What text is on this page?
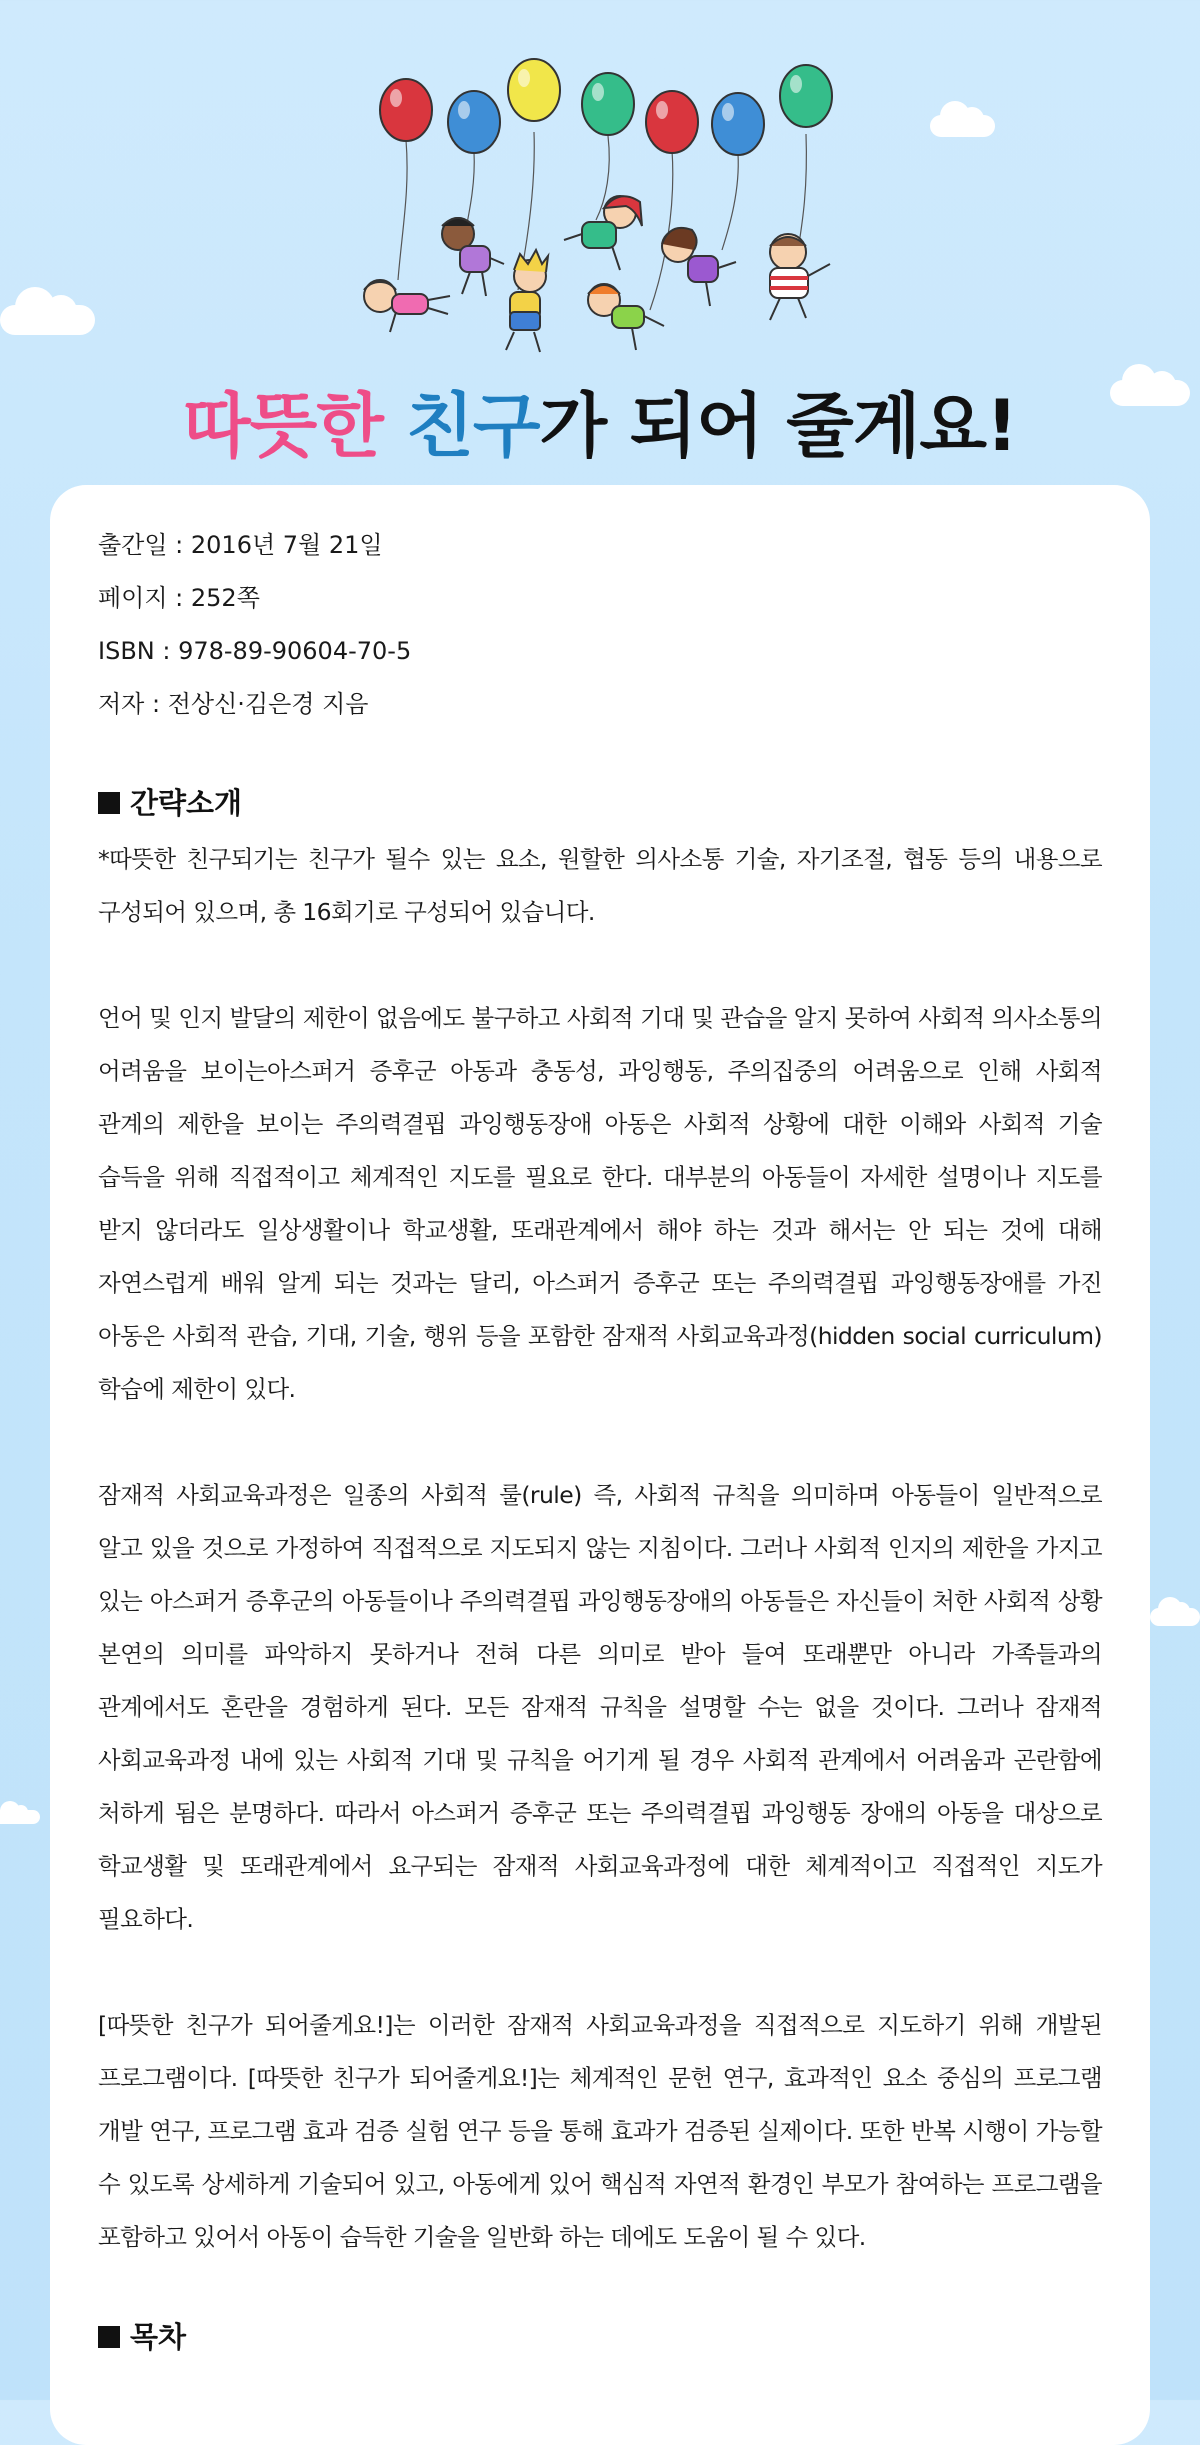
따뜻한 친구가 되어 줄게요!

출간일 : 2016년 7월 21일

페이지 : 252쪽

ISBN : 978-89-90604-70-5

저자 : 전상신·김은경 지음

간략소개

*따뜻한 친구되기는 친구가 될수 있는 요소, 원할한 의사소통 기술, 자기조절, 협동 등의 내용으로 구성되어 있으며, 총 16회기로 구성되어 있습니다.

언어 및 인지 발달의 제한이 없음에도 불구하고 사회적 기대 및 관습을 알지 못하여 사회적 의사소통의 어려움을 보이는아스퍼거 증후군 아동과 충동성, 과잉행동, 주의집중의 어려움으로 인해 사회적 관계의 제한을 보이는 주의력결핍 과잉행동장애 아동은 사회적 상황에 대한 이해와 사회적 기술 습득을 위해 직접적이고 체계적인 지도를 필요로 한다. 대부분의 아동들이 자세한 설명이나 지도를 받지 않더라도 일상생활이나 학교생활, 또래관계에서 해야 하는 것과 해서는 안 되는 것에 대해 자연스럽게 배워 알게 되는 것과는 달리, 아스퍼거 증후군 또는 주의력결핍 과잉행동장애를 가진 아동은 사회적 관습, 기대, 기술, 행위 등을 포함한 잠재적 사회교육과정(hidden social curriculum) 학습에 제한이 있다.

잠재적 사회교육과정은 일종의 사회적 룰(rule) 즉, 사회적 규칙을 의미하며 아동들이 일반적으로 알고 있을 것으로 가정하여 직접적으로 지도되지 않는 지침이다. 그러나 사회적 인지의 제한을 가지고 있는 아스퍼거 증후군의 아동들이나 주의력결핍 과잉행동장애의 아동들은 자신들이 처한 사회적 상황 본연의 의미를 파악하지 못하거나 전혀 다른 의미로 받아 들여 또래뿐만 아니라 가족들과의 관계에서도 혼란을 경험하게 된다. 모든 잠재적 규칙을 설명할 수는 없을 것이다. 그러나 잠재적 사회교육과정 내에 있는 사회적 기대 및 규칙을 어기게 될 경우 사회적 관계에서 어려움과 곤란함에 처하게 됨은 분명하다. 따라서 아스퍼거 증후군 또는 주의력결핍 과잉행동 장애의 아동을 대상으로 학교생활 및 또래관계에서 요구되는 잠재적 사회교육과정에 대한 체계적이고 직접적인 지도가 필요하다.

[따뜻한 친구가 되어줄게요!]는 이러한 잠재적 사회교육과정을 직접적으로 지도하기 위해 개발된 프로그램이다. [따뜻한 친구가 되어줄게요!]는 체계적인 문헌 연구, 효과적인 요소 중심의 프로그램 개발 연구, 프로그램 효과 검증 실험 연구 등을 통해 효과가 검증된 실제이다. 또한 반복 시행이 가능할 수 있도록 상세하게 기술되어 있고, 아동에게 있어 핵심적 자연적 환경인 부모가 참여하는 프로그램을 포함하고 있어서 아동이 습득한 기술을 일반화 하는 데에도 도움이 될 수 있다.

목차
